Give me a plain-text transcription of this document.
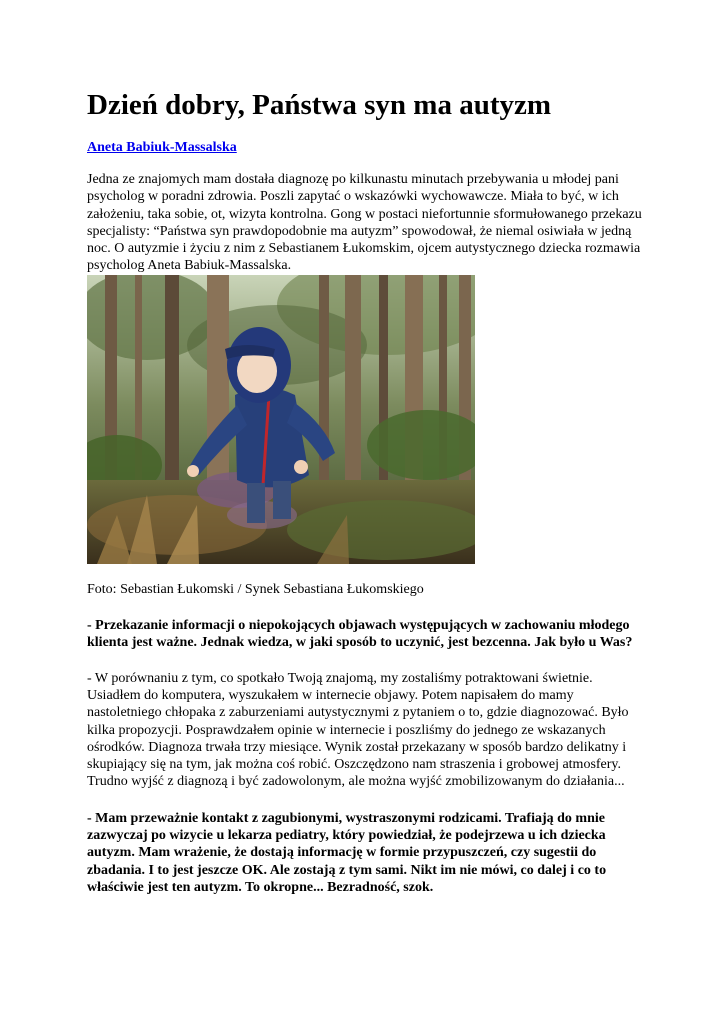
Dzień dobry, Państwa syn ma autyzm
Aneta Babiuk-Massalska

Jedna ze znajomych mam dostała diagnozę po kilkunastu minutach przebywania u młodej pani psycholog w poradni zdrowia. Poszli zapytać o wskazówki wychowawcze. Miała to być, w ich założeniu, taka sobie, ot, wizyta kontrolna. Gong w postaci niefortunnie sformułowanego przekazu specjalisty: “Państwa syn prawdopodobnie ma autyzm” spowodował, że niemal osiwiała w jedną noc. O autyzmie i życiu z nim z Sebastianem Łukomskim, ojcem autystycznego dziecka rozmawia psycholog Aneta Babiuk-Massalska.

Foto: Sebastian Łukomski / Synek Sebastiana Łukomskiego

- Przekazanie informacji o niepokojących objawach występujących w zachowaniu młodego klienta jest ważne. Jednak wiedza, w jaki sposób to uczynić, jest bezcenna. Jak było u Was?

- W porównaniu z tym, co spotkało Twoją znajomą, my zostaliśmy potraktowani świetnie. Usiadłem do komputera, wyszukałem w internecie objawy. Potem napisałem do mamy nastoletniego chłopaka z zaburzeniami autystycznymi z pytaniem o to, gdzie diagnozować. Było kilka propozycji. Posprawdzałem opinie w internecie i poszliśmy do jednego ze wskazanych ośrodków. Diagnoza trwała trzy miesiące. Wynik został przekazany w sposób bardzo delikatny i skupiający się na tym, jak można coś robić. Oszczędzono nam straszenia i grobowej atmosfery. Trudno wyjść z diagnozą i być zadowolonym, ale można wyjść zmobilizowanym do działania...

- Mam przeważnie kontakt z zagubionymi, wystraszonymi rodzicami. Trafiają do mnie zazwyczaj po wizycie u lekarza pediatry, który powiedział, że podejrzewa u ich dziecka autyzm. Mam wrażenie, że dostają informację w formie przypuszczeń, czy sugestii do zbadania. I to jest jeszcze OK. Ale zostają z tym sami. Nikt im nie mówi, co dalej i co to właściwie jest ten autyzm. To okropne... Bezradność, szok.
